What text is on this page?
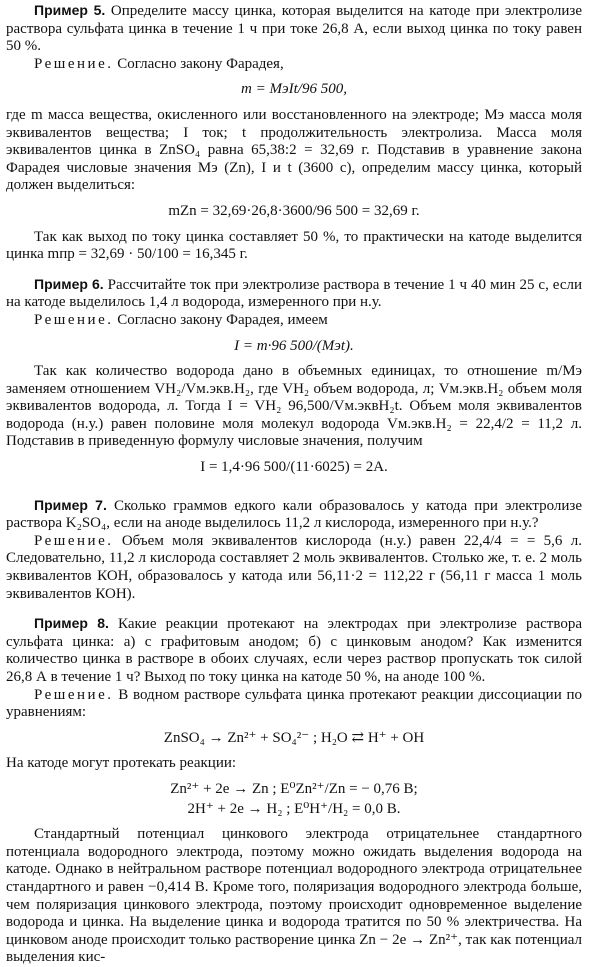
Пример 5. Определите массу цинка, которая выделится на катоде при электролизе раствора сульфата цинка в течение 1 ч при токе 26,8 А, если выход цинка по току равен 50 %.

Решение. Согласно закону Фарадея,

m = MэIt/96 500,

где m масса вещества, окисленного или восстановленного на электроде; Mэ масса моля эквивалентов вещества; I ток; t продолжительность электролиза. Масса моля эквивалентов цинка в ZnSO₄ равна 65,38:2 = 32,69 г. Подставив в уравнение закона Фарадея числовые значения Mэ (Zn), I и t (3600 с), определим массу цинка, который должен выделиться:

mZn = 32,69·26,8·3600/96 500 = 32,69 г.

Так как выход по току цинка составляет 50 %, то практически на катоде выделится цинка mпр = 32,69 · 50/100 = 16,345 г.

Пример 6. Рассчитайте ток при электролизе раствора в течение 1 ч 40 мин 25 с, если на катоде выделилось 1,4 л водорода, измеренного при н.у.

Решение. Согласно закону Фарадея, имеем

I = m·96 500/(Mэt).

Так как количество водорода дано в объемных единицах, то отношение m/Mэ заменяем отношением VH₂/Vм.экв.H₂, где VH₂ объем водорода, л; Vм.экв.H₂ объем моля эквивалентов водорода, л. Тогда I = VH₂ 96,500/Vм.эквH₂t. Объем моля эквивалентов водорода (н.у.) равен половине моля молекул водорода Vм.экв.H₂ = 22,4/2 = 11,2 л. Подставив в приведенную формулу числовые значения, получим

I = 1,4·96 500/(11·6025) = 2А.

Пример 7. Сколько граммов едкого кали образовалось у катода при электролизе раствора K₂SO₄, если на аноде выделилось 11,2 л кислорода, измеренного при н.у.?

Решение. Объем моля эквивалентов кислорода (н.у.) равен 22,4/4 = = 5,6 л. Следовательно, 11,2 л кислорода составляет 2 моль эквивалентов. Столько же, т. е. 2 моль эквивалентов КОН, образовалось у катода или 56,11·2 = 112,22 г (56,11 г масса 1 моль эквивалентов КОН).

Пример 8. Какие реакции протекают на электродах при электролизе раствора сульфата цинка: а) с графитовым анодом; б) с цинковым анодом? Как изменится количество цинка в растворе в обоих случаях, если через раствор пропускать ток силой 26,8 А в течение 1 ч? Выход по току цинка на катоде 50 %, на аноде 100 %.

Решение. В водном растворе сульфата цинка протекают реакции диссоциации по уравнениям:

ZnSO₄ → Zn²⁺ + SO₄²⁻ ; H₂O ⇄ H⁺ + OH

На катоде могут протекать реакции:

Zn²⁺ + 2e → Zn ; E⁰Zn²⁺/Zn = − 0,76 В;
2H⁺ + 2e → H₂ ; E⁰H⁺/H₂ = 0,0 В.

Стандартный потенциал цинкового электрода отрицательнее стандартного потенциала водородного электрода, поэтому можно ожидать выделения водорода на катоде. Однако в нейтральном растворе потенциал водородного электрода отрицательнее стандартного и равен −0,414 В. Кроме того, поляризация водородного электрода больше, чем поляризация цинкового электрода, поэтому происходит одновременное выделение водорода и цинка. На выделение цинка и водорода тратится по 50 % электричества. На цинковом аноде происходит только растворение цинка Zn − 2e → Zn²⁺, так как потенциал выделения кис-
